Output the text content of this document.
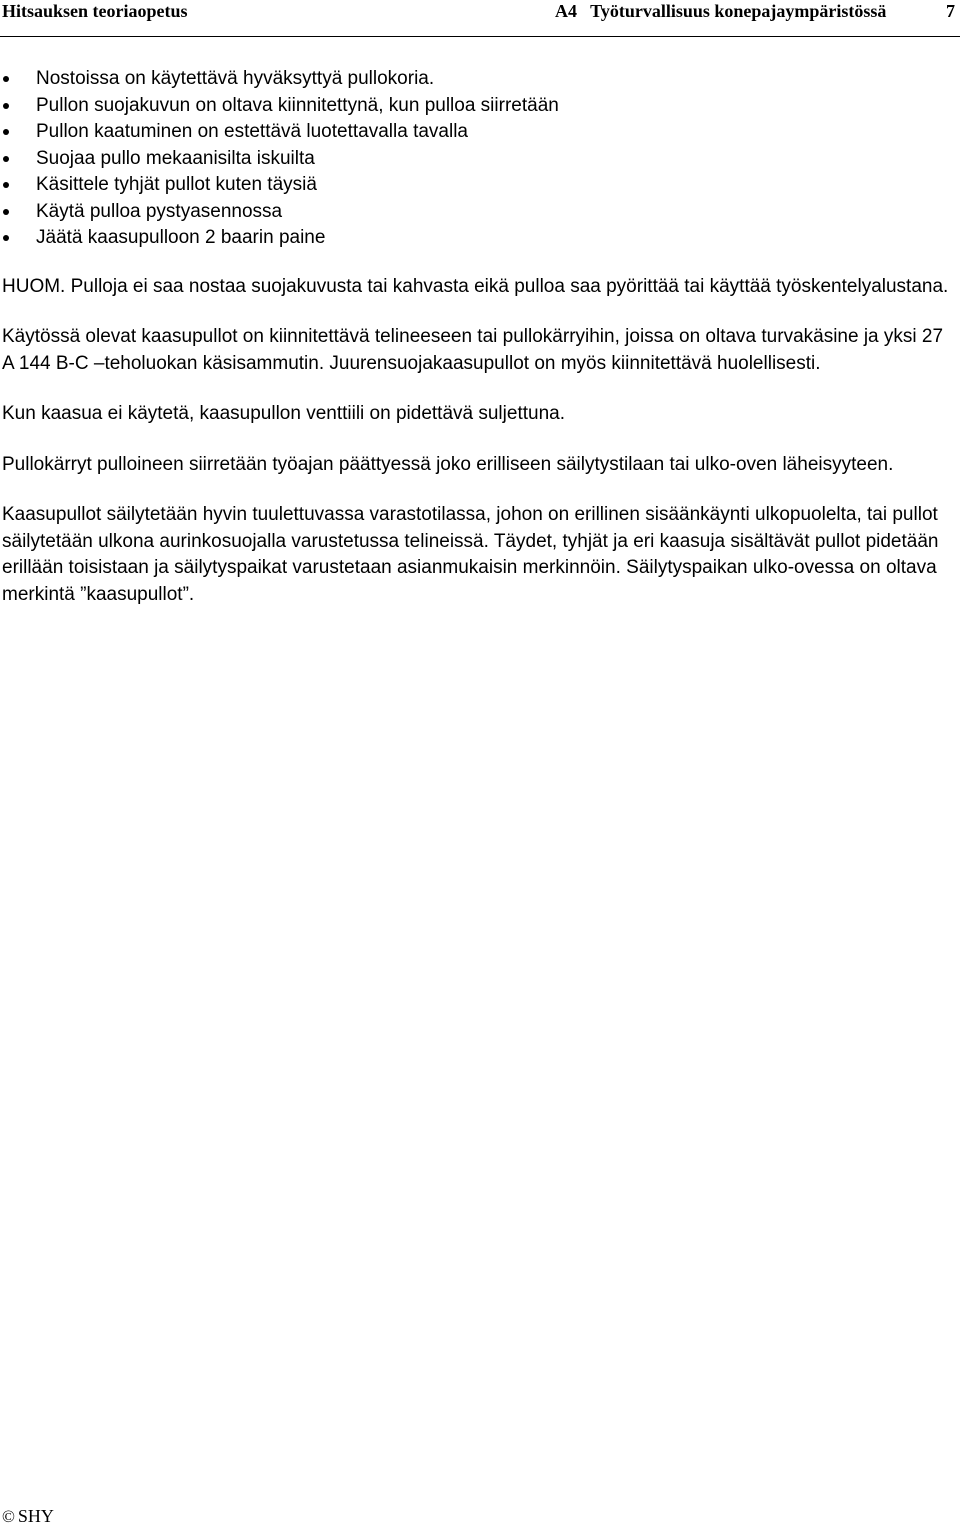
Hitsauksen teoriaopetus	A4   Työturvallisuus konepajaympäristössä	7
Nostoissa on käytettävä hyväksyttyä pullokoria.
Pullon suojakuvun on oltava kiinnitettynä, kun pulloa siirretään
Pullon kaatuminen on estettävä luotettavalla tavalla
Suojaa pullo mekaanisilta iskuilta
Käsittele tyhjät pullot kuten täysiä
Käytä pulloa pystyasennossa
Jäätä kaasupulloon 2 baarin paine

HUOM. Pulloja ei saa nostaa suojakuvusta tai kahvasta eikä pulloa saa pyörittää tai käyttää työskentelyalustana.

Käytössä olevat kaasupullot on kiinnitettävä telineeseen tai pullokärryihin, joissa on oltava turvakäsine ja yksi 27 A 144 B-C –teholuokan käsisammutin. Juurensuojakaasupullot on myös kiinnitettävä huolellisesti.

Kun kaasua ei käytetä, kaasupullon venttiili on pidettävä suljettuna.

Pullokärryt pulloineen siirretään työajan päättyessä joko erilliseen säilytystilaan tai ulko-oven läheisyyteen.

Kaasupullot säilytetään hyvin tuulettuvassa varastotilassa, johon on erillinen sisäänkäynti ulkopuolelta, tai pullot säilytetään ulkona aurinkosuojalla varustetussa telineissä. Täydet, tyhjät ja eri kaasuja sisältävät pullot pidetään erillään toisistaan ja säilytyspaikat varustetaan asianmukaisin merkinnöin. Säilytyspaikan ulko-ovessa on oltava merkintä ”kaasupullot”.

© SHY
